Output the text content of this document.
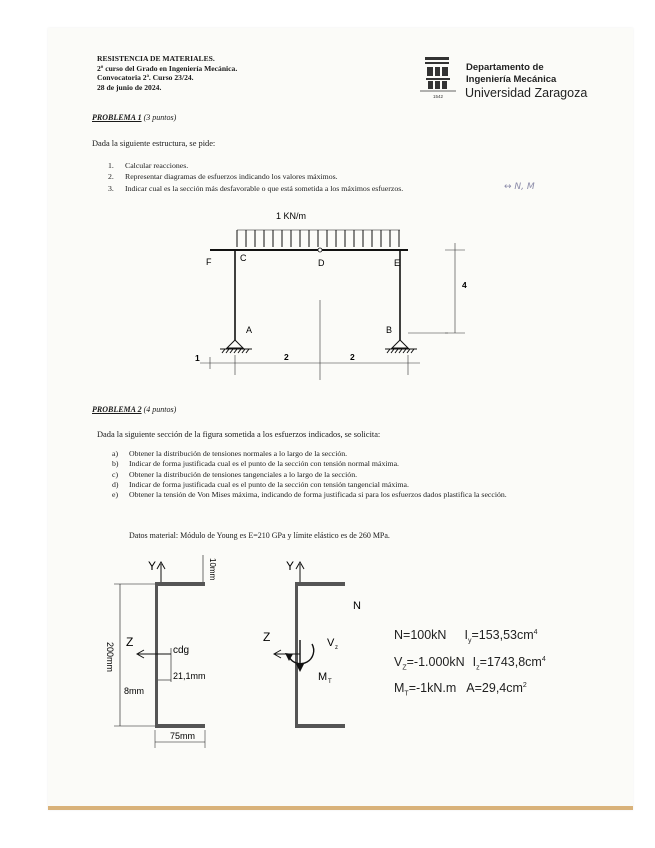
RESISTENCIA DE MATERIALES.
2º curso del Grado en Ingeniería Mecánica.
Convocatoria 2ª. Curso 23/24.
28 de junio de 2024.
1542
Departamento de
Ingeniería Mecánica
Universidad Zaragoza
PROBLEMA 1 (3 puntos)
Dada la siguiente estructura, se pide:
1. Calcular reacciones.
2. Representar diagramas de esfuerzos indicando los valores máximos.
3. Indicar cual es la sección más desfavorable o que está sometida a los máximos esfuerzos.	↔ N, M
1 KN/m
F	C	D	E
A	B
1	2	2
4
PROBLEMA 2 (4 puntos)
Dada la siguiente sección de la figura sometida a los esfuerzos indicados, se solicita:
a) Obtener la distribución de tensiones normales a lo largo de la sección.
b) Indicar de forma justificada cual es el punto de la sección con tensión normal máxima.
c) Obtener la distribución de tensiones tangenciales a lo largo de la sección.
d) Indicar de forma justificada cual es el punto de la sección con tensión tangencial máxima.
e) Obtener la tensión de Von Mises máxima, indicando de forma justificada si para los esfuerzos dados plastifica la sección.
Datos material: Módulo de Young es E=210 GPa y límite elástico es de 260 MPa.
Y	10mm
200mm Z
cdg
21,1mm
8mm
75mm
Y
N
Z	V z
M T
N=100kN $I_y=153,53cm^4$
$V_Z=-1.000kN$ $I_z=1743,8cm^4$
$M_T=-1kN.m$ $A=29,4cm^2$
